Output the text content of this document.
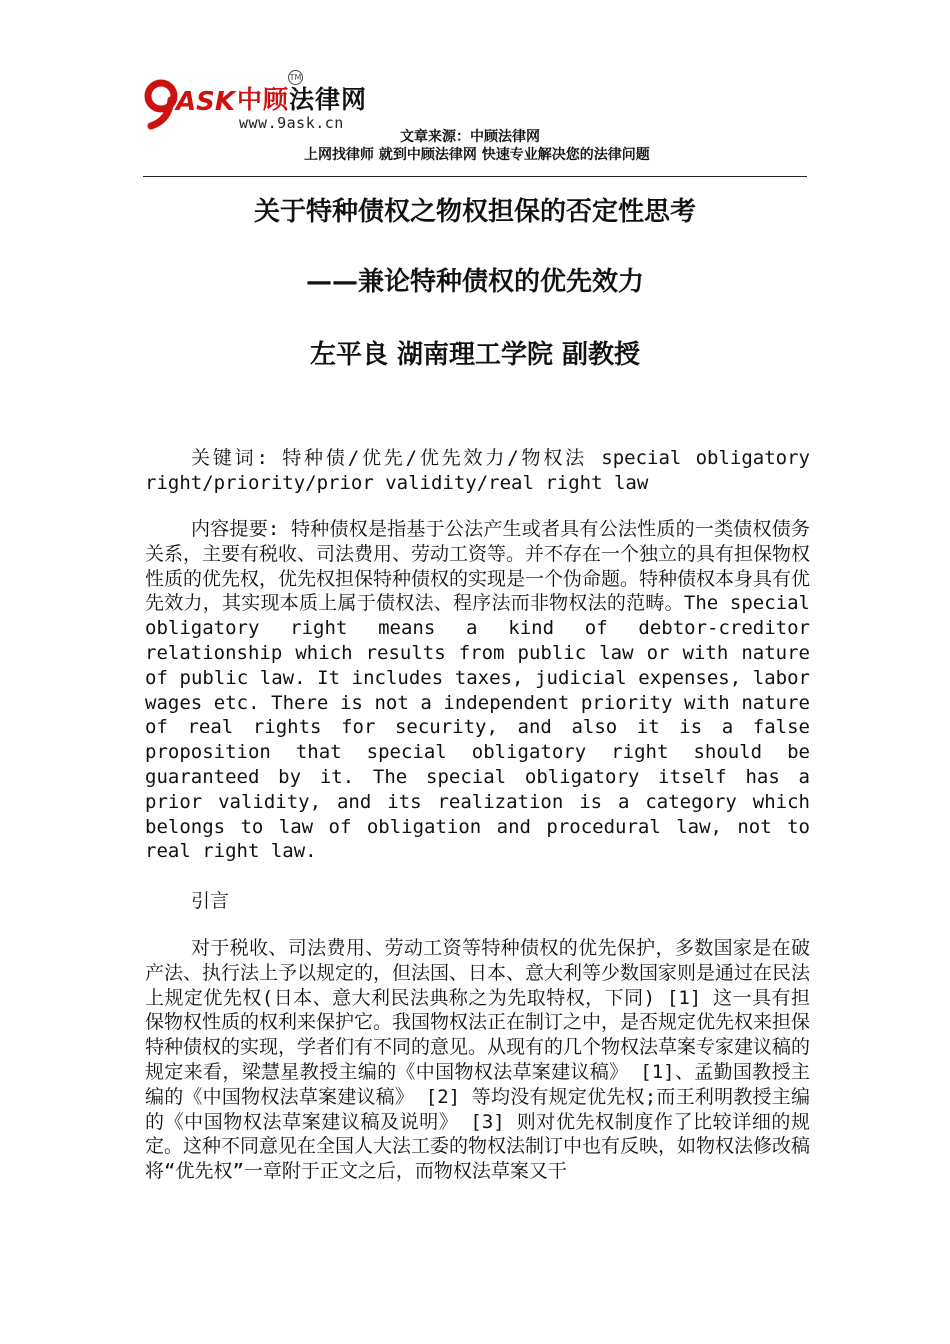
ASK 中顾法律网
TM
www.9ask.cn
文章来源：中顾法律网
上网找律师 就到中顾法律网 快速专业解决您的法律问题
关于特种债权之物权担保的否定性思考
——兼论特种债权的优先效力
左平良 湖南理工学院 副教授

关键词: 特种债/优先/优先效力/物权法 special obligatory right/priority/prior validity/real right law

内容提要: 特种债权是指基于公法产生或者具有公法性质的一类债权债务关系，主要有税收、司法费用、劳动工资等。并不存在一个独立的具有担保物权性质的优先权，优先权担保特种债权的实现是一个伪命题。特种债权本身具有优先效力，其实现本质上属于债权法、程序法而非物权法的范畴。The special obligatory right means a kind of debtor-creditor relationship which results from public law or with nature of public law. It includes taxes, judicial expenses, labor wages etc. There is not a independent priority with nature of real rights for security, and also it is a false proposition that special obligatory right should be guaranteed by it. The special obligatory itself has a prior validity, and its realization is a category which belongs to law of obligation and procedural law, not to real right law.

引言

对于税收、司法费用、劳动工资等特种债权的优先保护，多数国家是在破产法、执行法上予以规定的，但法国、日本、意大利等少数国家则是通过在民法上规定优先权(日本、意大利民法典称之为先取特权，下同) [1] 这一具有担保物权性质的权利来保护它。我国物权法正在制订之中，是否规定优先权来担保特种债权的实现，学者们有不同的意见。从现有的几个物权法草案专家建议稿的规定来看，梁慧星教授主编的《中国物权法草案建议稿》 [1]、孟勤国教授主编的《中国物权法草案建议稿》 [2] 等均没有规定优先权;而王利明教授主编的《中国物权法草案建议稿及说明》 [3] 则对优先权制度作了比较详细的规定。这种不同意见在全国人大法工委的物权法制订中也有反映，如物权法修改稿将“优先权”一章附于正文之后，而物权法草案又干
